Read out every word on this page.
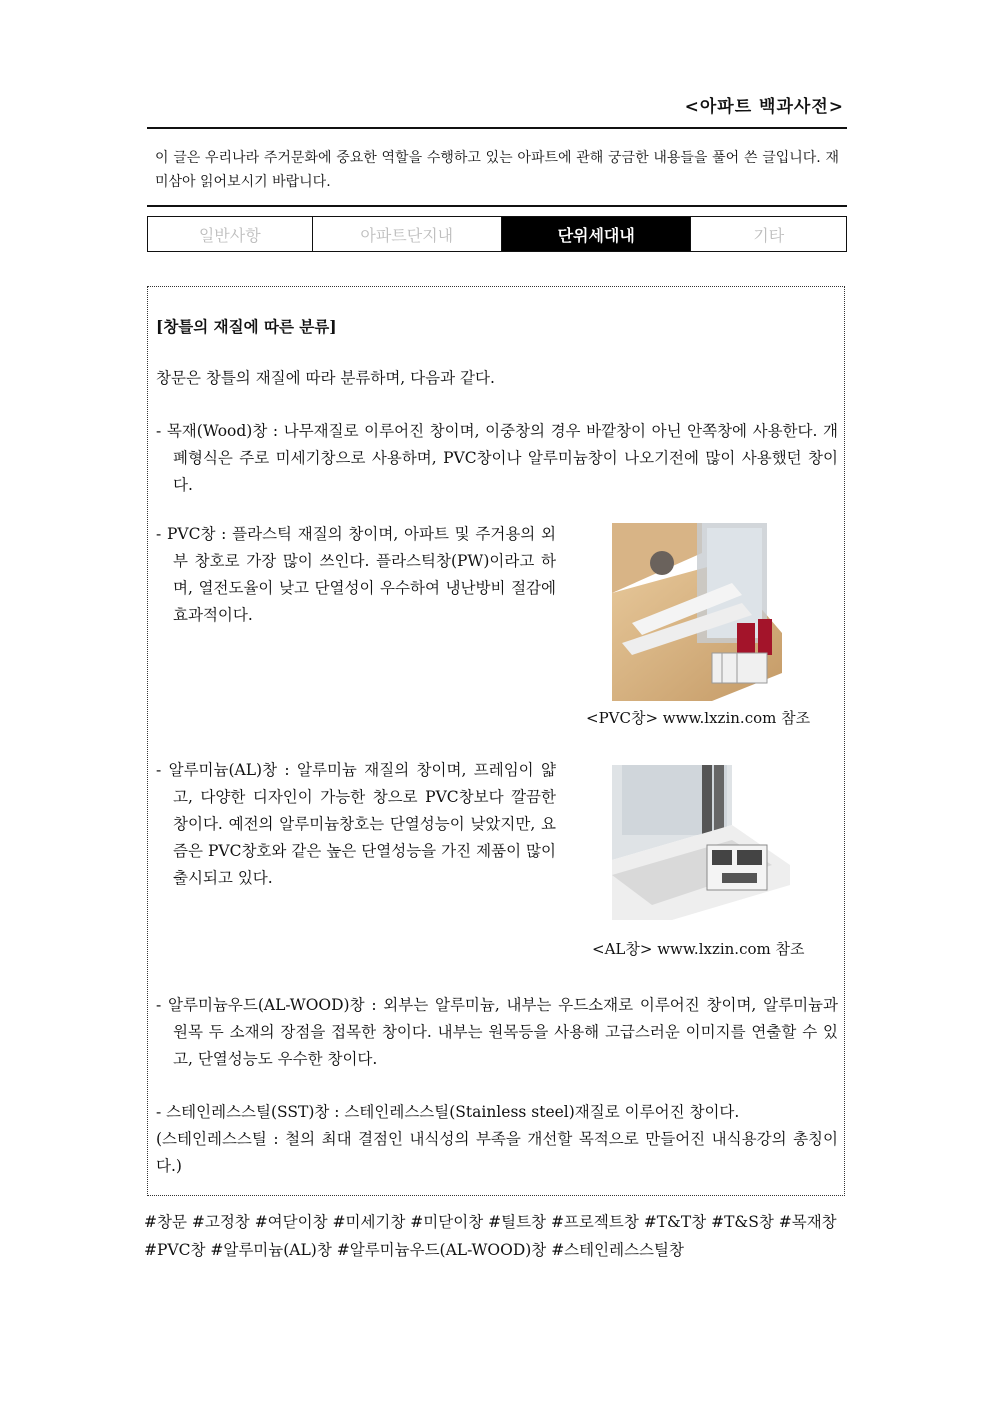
<아파트 백과사전>
이 글은 우리나라 주거문화에 중요한 역할을 수행하고 있는 아파트에 관해 궁금한 내용들을 풀어 쓴 글입니다. 재미삼아 읽어보시기 바랍니다.
일반사항	아파트단지내	단위세대내	기타
[창틀의 재질에 따른 분류]
창문은 창틀의 재질에 따라 분류하며, 다음과 같다.
- 목재(Wood)창 : 나무재질로 이루어진 창이며, 이중창의 경우 바깥창이 아닌 안쪽창에 사용한다. 개폐형식은 주로 미세기창으로 사용하며, PVC창이나 알루미늄창이 나오기전에 많이 사용했던 창이다.
- PVC창 : 플라스틱 재질의 창이며, 아파트 및 주거용의 외부 창호로 가장 많이 쓰인다. 플라스틱창(PW)이라고 하며, 열전도율이 낮고 단열성이 우수하여 냉난방비 절감에 효과적이다.
<PVC창> www.lxzin.com 참조
- 알루미늄(AL)창 : 알루미늄 재질의 창이며, 프레임이 얇고, 다양한 디자인이 가능한 창으로 PVC창보다 깔끔한 창이다. 예전의 알루미늄창호는 단열성능이 낮았지만, 요즘은 PVC창호와 같은 높은 단열성능을 가진 제품이 많이 출시되고 있다.
<AL창> www.lxzin.com 참조
- 알루미늄우드(AL-WOOD)창 : 외부는 알루미늄, 내부는 우드소재로 이루어진 창이며, 알루미늄과 원목 두 소재의 장점을 접목한 창이다. 내부는 원목등을 사용해 고급스러운 이미지를 연출할 수 있고, 단열성능도 우수한 창이다.
- 스테인레스스틸(SST)창 : 스테인레스스틸(Stainless steel)재질로 이루어진 창이다.
(스테인레스스틸 : 철의 최대 결점인 내식성의 부족을 개선할 목적으로 만들어진 내식용강의 총칭이다.)
#창문 #고정창 #여닫이창 #미세기창 #미닫이창 #틸트창 #프로젝트창 #T&T창 #T&S창 #목재창 #PVC창 #알루미늄(AL)창 #알루미늄우드(AL-WOOD)창 #스테인레스스틸창
